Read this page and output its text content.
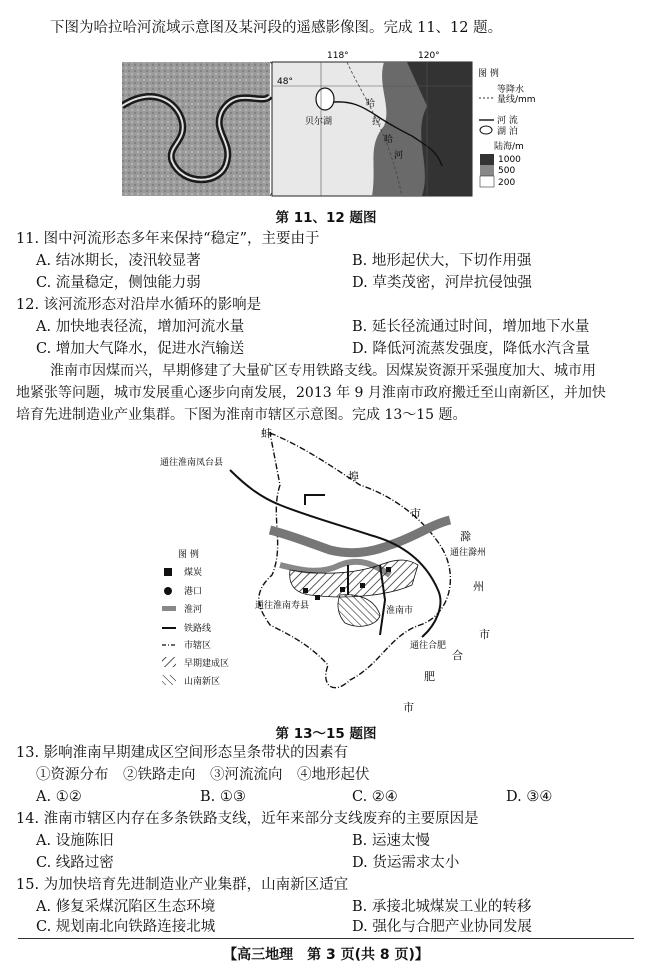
下图为哈拉哈河流域示意图及某河段的遥感影像图。完成 11、12 题。
118°	120°
48°
贝尔湖
哈
拉
哈
河
图 例
等降水
量线/mm
河 流
湖 泊
陆海/m
1000
500
200
第 11、12 题图
11. 图中河流形态多年来保持“稳定”，主要由于
A. 结冰期长，凌汛较显著	B. 地形起伏大，下切作用强
C. 流量稳定，侧蚀能力弱	D. 草类茂密，河岸抗侵蚀强
12. 该河流形态对沿岸水循环的影响是
A. 加快地表径流，增加河流水量	B. 延长径流通过时间，增加地下水量
C. 增加大气降水，促进水汽输送	D. 降低河流蒸发强度，降低水汽含量
淮南市因煤而兴，早期修建了大量矿区专用铁路支线。因煤炭资源开采强度加大、城市用
地紧张等问题，城市发展重心逐步向南发展，2013 年 9 月淮南市政府搬迁至山南新区，并加快
培育先进制造业产业集群。下图为淮南市辖区示意图。完成 13～15 题。
蚌
埠
市
滁
州
市
合
肥
市
通往淮南凤台县
通往滁州
通往淮南寿县	淮南市
通往合肥
图 例
煤炭
港口
淮河
铁路线
市辖区
早期建成区
山南新区
第 13～15 题图
13. 影响淮南早期建成区空间形态呈条带状的因素有
①资源分布　②铁路走向　③河流流向　④地形起伏
A. ①②	B. ①③	C. ②④	D. ③④
14. 淮南市辖区内存在多条铁路支线，近年来部分支线废弃的主要原因是
A. 设施陈旧	B. 运速太慢
C. 线路过密	D. 货运需求太小
15. 为加快培育先进制造业产业集群，山南新区适宜
A. 修复采煤沉陷区生态环境	B. 承接北城煤炭工业的转移
C. 规划南北向铁路连接北城	D. 强化与合肥产业协同发展
【高三地理　第 3 页(共 8 页)】
